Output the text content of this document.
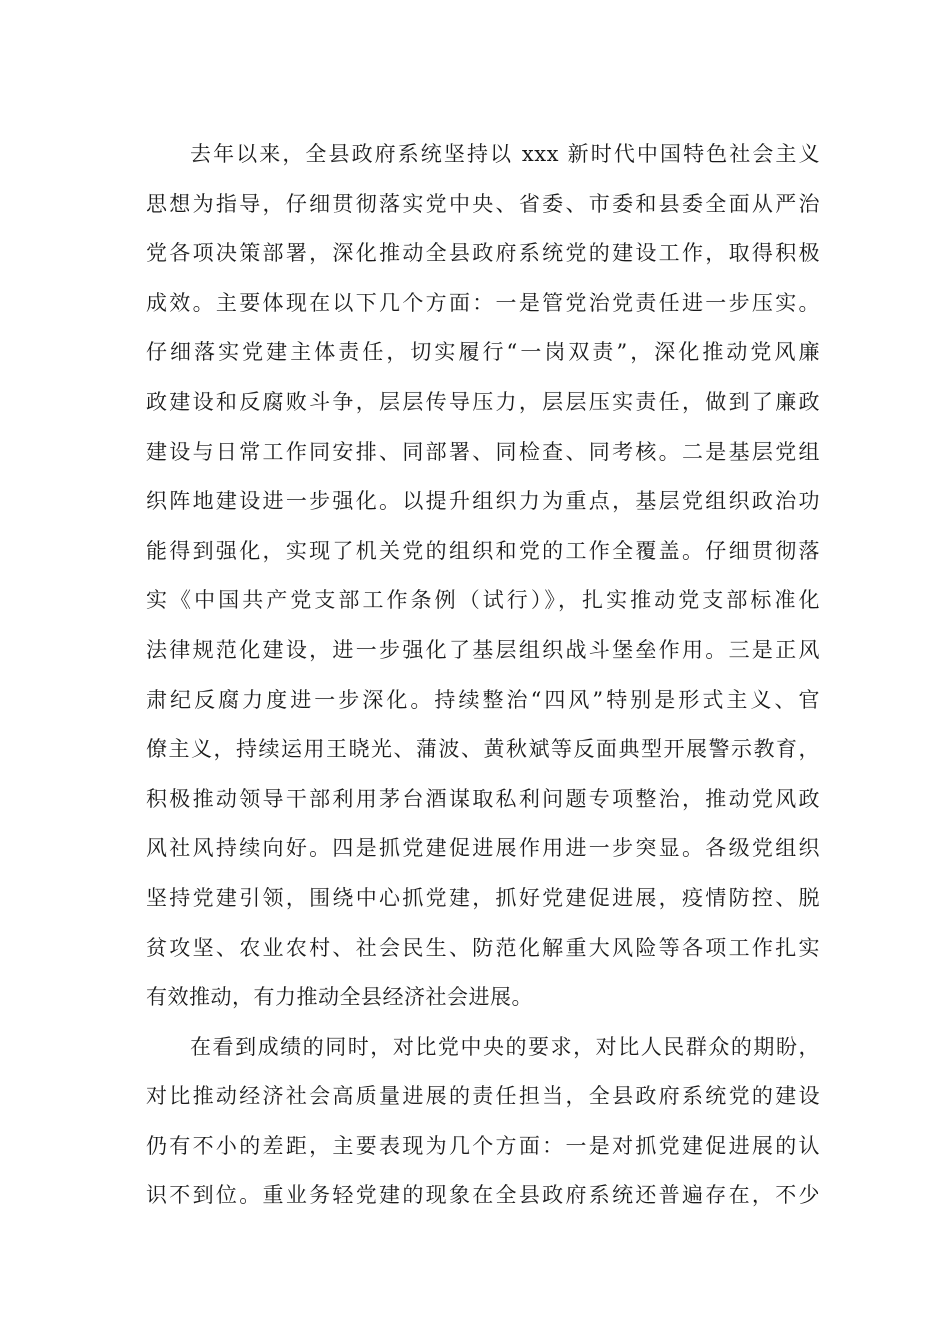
去年以来，全县政府系统坚持以 xxx 新时代中国特色社会主义
思想为指导，仔细贯彻落实党中央、省委、市委和县委全面从严治
党各项决策部署，深化推动全县政府系统党的建设工作，取得积极
成效。主要体现在以下几个方面：一是管党治党责任进一步压实。
仔细落实党建主体责任，切实履行“一岗双责”，深化推动党风廉
政建设和反腐败斗争，层层传导压力，层层压实责任，做到了廉政
建设与日常工作同安排、同部署、同检查、同考核。二是基层党组
织阵地建设进一步强化。以提升组织力为重点，基层党组织政治功
能得到强化，实现了机关党的组织和党的工作全覆盖。仔细贯彻落
实《中国共产党支部工作条例（试行）》，扎实推动党支部标准化
法律规范化建设，进一步强化了基层组织战斗堡垒作用。三是正风
肃纪反腐力度进一步深化。持续整治“四风”特别是形式主义、官
僚主义，持续运用王晓光、蒲波、黄秋斌等反面典型开展警示教育，
积极推动领导干部利用茅台酒谋取私利问题专项整治，推动党风政
风社风持续向好。四是抓党建促进展作用进一步突显。各级党组织
坚持党建引领，围绕中心抓党建，抓好党建促进展，疫情防控、脱
贫攻坚、农业农村、社会民生、防范化解重大风险等各项工作扎实
有效推动，有力推动全县经济社会进展。
在看到成绩的同时，对比党中央的要求，对比人民群众的期盼，
对比推动经济社会高质量进展的责任担当，全县政府系统党的建设
仍有不小的差距，主要表现为几个方面：一是对抓党建促进展的认
识不到位。重业务轻党建的现象在全县政府系统还普遍存在，不少
